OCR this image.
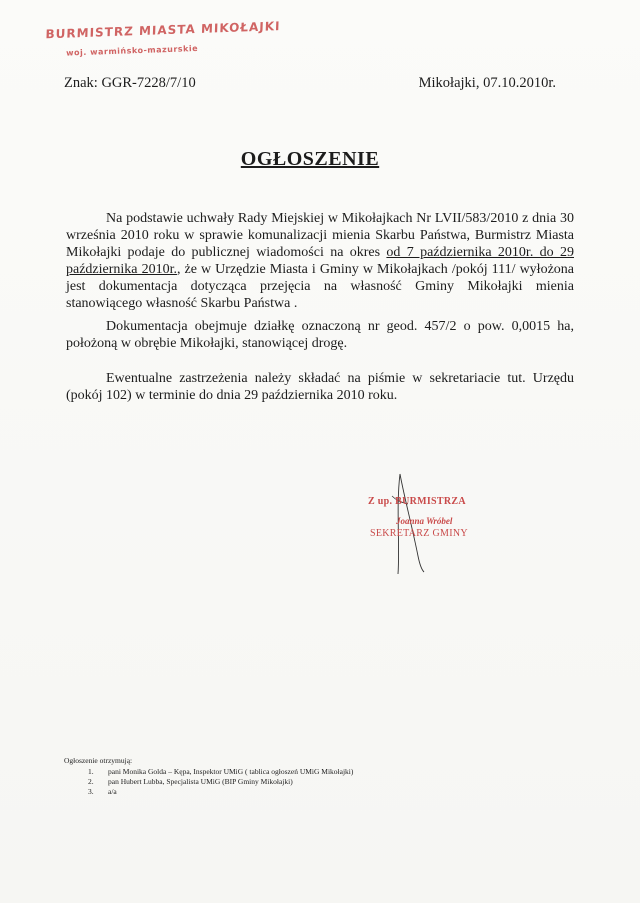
BURMISTRZ MIASTA MIKOŁAJKI
woj. warmińsko-mazurskie
Znak: GGR-7228/7/10	Mikołajki, 07.10.2010r.
OGŁOSZENIE
Na podstawie uchwały Rady Miejskiej w Mikołajkach Nr LVII/583/2010 z dnia 30 września 2010 roku w sprawie komunalizacji mienia Skarbu Państwa, Burmistrz Miasta Mikołajki podaje do publicznej wiadomości na okres od 7 października 2010r. do 29 października 2010r., że w Urzędzie Miasta i Gminy w Mikołajkach /pokój 111/ wyłożona jest dokumentacja dotycząca przejęcia na własność Gminy Mikołajki mienia stanowiącego własność Skarbu Państwa .
Dokumentacja obejmuje działkę oznaczoną nr geod. 457/2 o pow. 0,0015 ha, położoną w obrębie Mikołajki, stanowiącej drogę.
Ewentualne zastrzeżenia należy składać na piśmie w sekretariacie tut. Urzędu (pokój 102) w terminie do dnia 29 października 2010 roku.
Z up. BURMISTRZA
Joanna Wróbel
SEKRETARZ GMINY
Ogłoszenie otrzymują:
1.	pani Monika Golda – Kępa, Inspektor UMiG ( tablica ogłoszeń UMiG Mikołajki)
2.	pan Hubert Lubba, Specjalista UMiG (BIP Gminy Mikołajki)
3.	a/a
